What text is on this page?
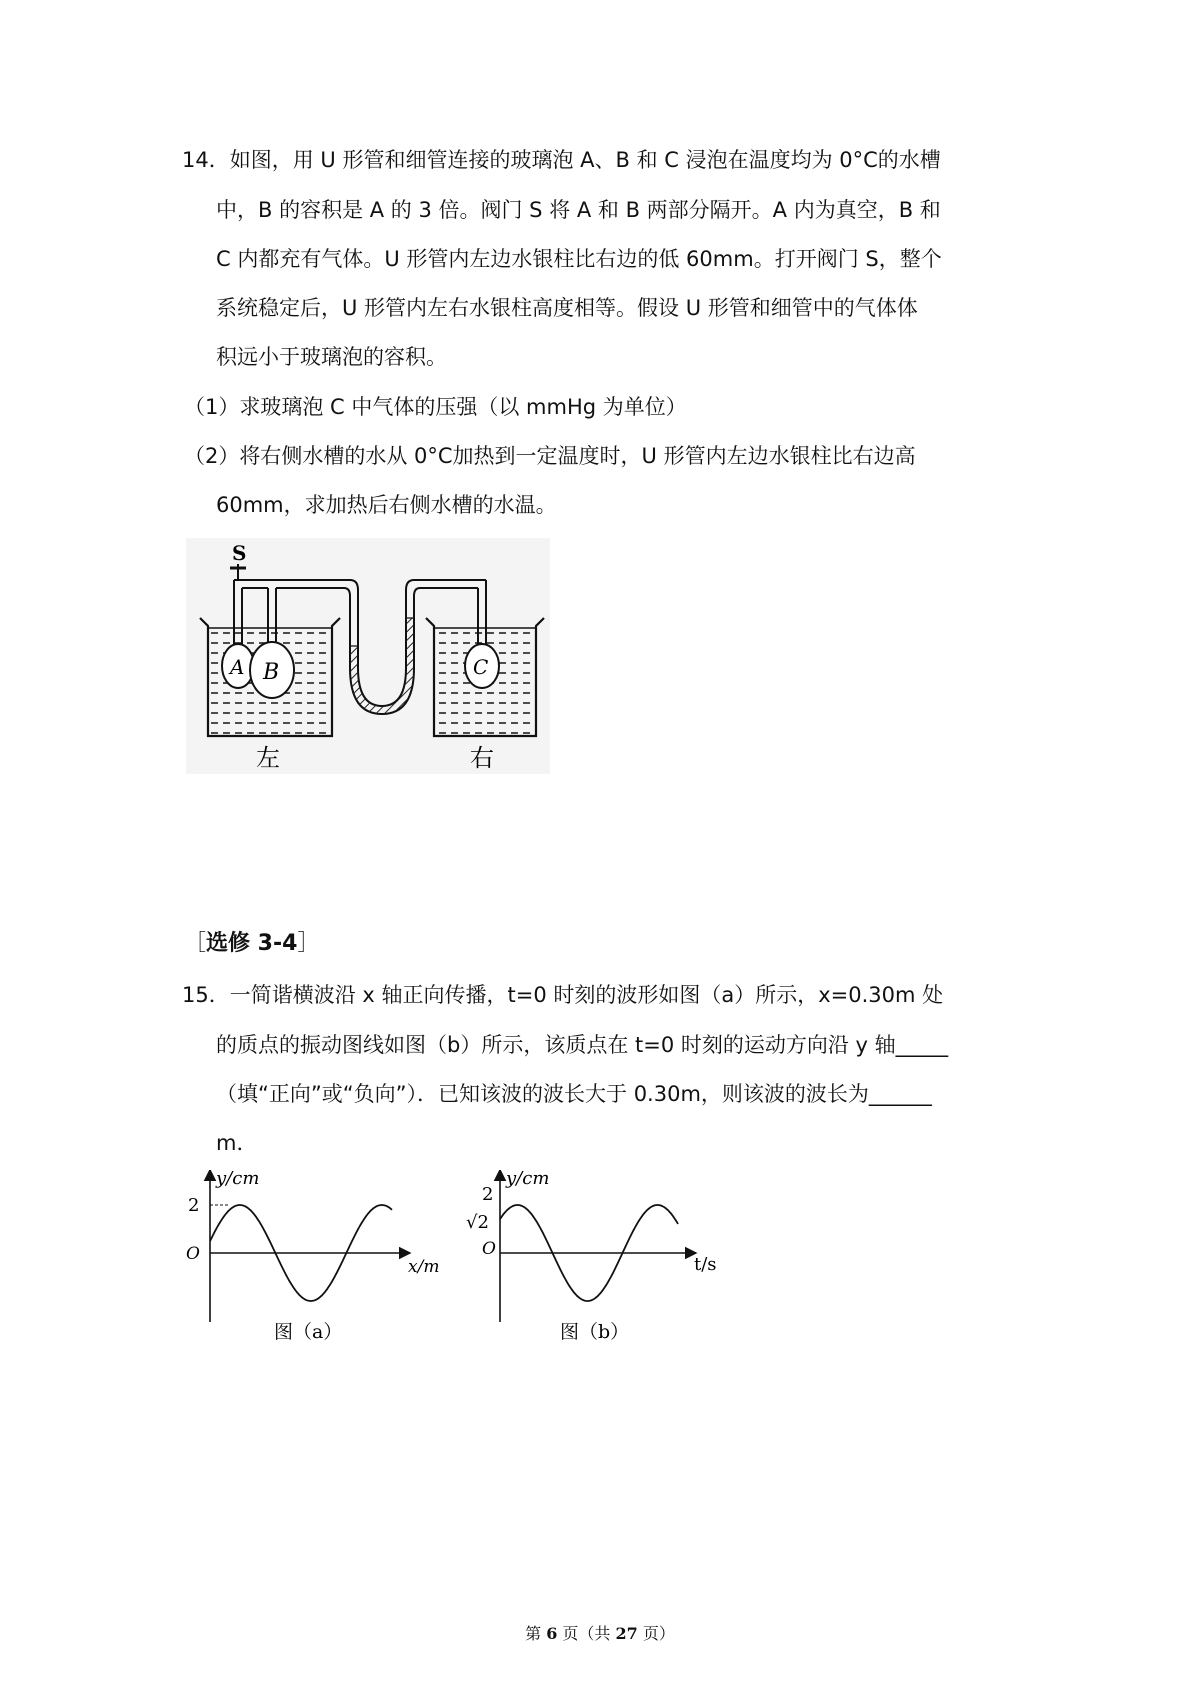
14．如图，用 U 形管和细管连接的玻璃泡 A、B 和 C 浸泡在温度均为 0°C的水槽
中，B 的容积是 A 的 3 倍。阀门 S 将 A 和 B 两部分隔开。A 内为真空，B 和
C 内都充有气体。U 形管内左边水银柱比右边的低 60mm。打开阀门 S，整个
系统稳定后，U 形管内左右水银柱高度相等。假设 U 形管和细管中的气体体
积远小于玻璃泡的容积。
（1）求玻璃泡 C 中气体的压强（以 mmHg 为单位）
（2）将右侧水槽的水从 0°C加热到一定温度时，U 形管内左边水银柱比右边高
60mm，求加热后右侧水槽的水温。
S
A B	C
左	右
［选修 3-4］
15．一简谐横波沿 x 轴正向传播，t=0 时刻的波形如图（a）所示，x=0.30m 处
的质点的振动图线如图（b）所示，该质点在 t=0 时刻的运动方向沿 y 轴_____
（填“正向”或“负向”）．已知该波的波长大于 0.30m，则该波的波长为______
m．
y/cm
2
O
x/m
图（a）
y/cm
2
√2
O
t/s
图（b）
第 6 页（共 27 页）
